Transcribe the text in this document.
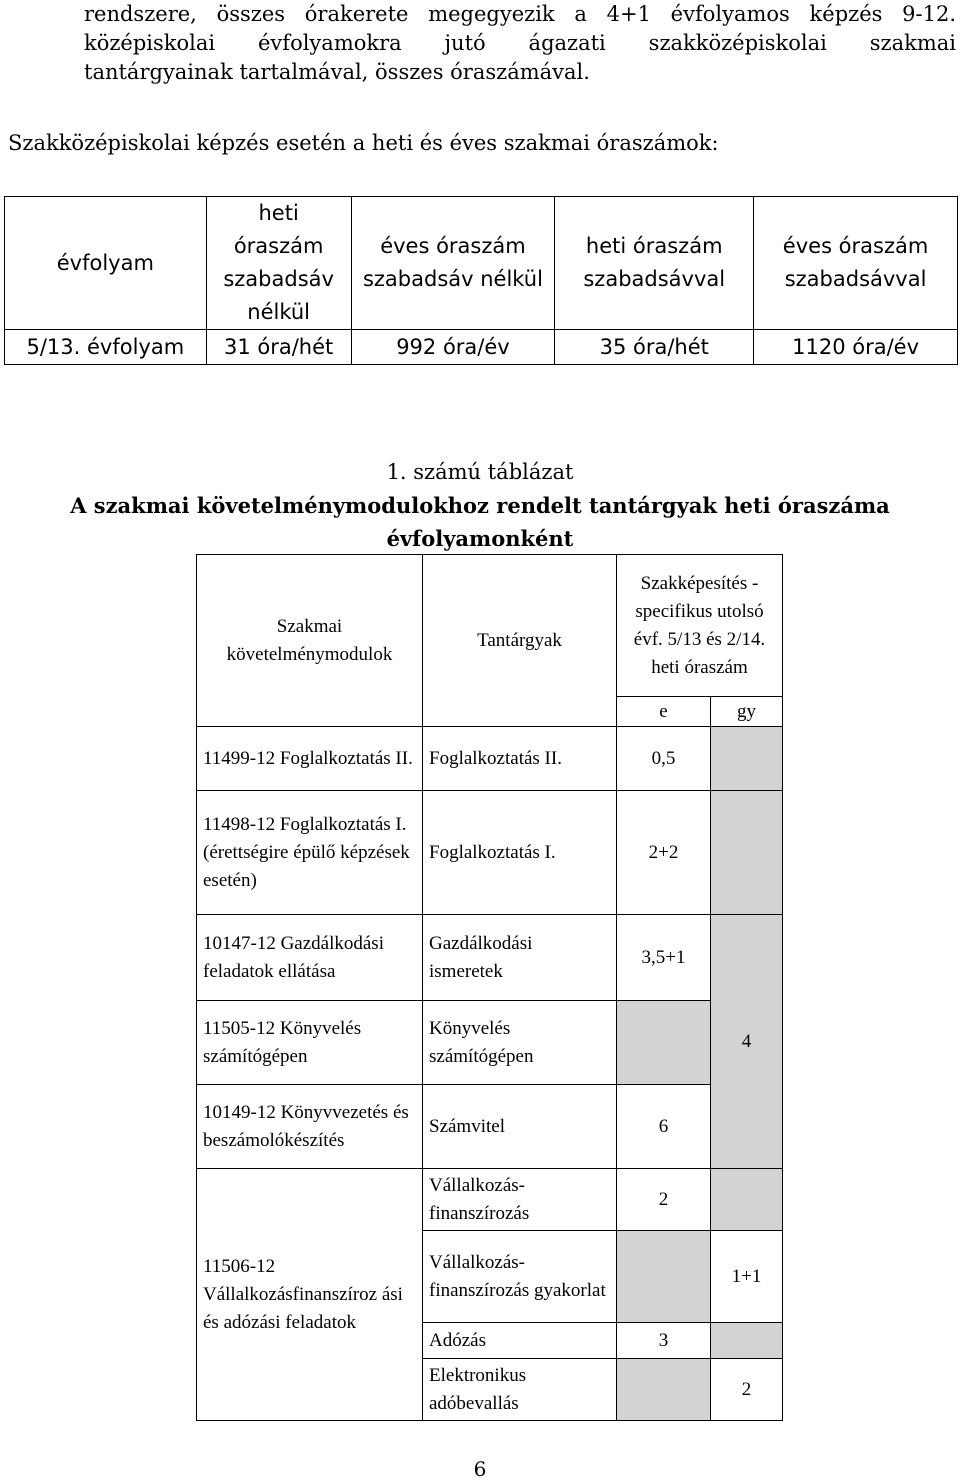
rendszere, összes órakerete megegyezik a 4+1 évfolyamos képzés 9-12.
középiskolai évfolyamokra jutó ágazati szakközépiskolai szakmai
tantárgyainak tartalmával, összes óraszámával.
Szakközépiskolai képzés esetén a heti és éves szakmai óraszámok:
évfolyam	heti óraszám szabadsáv nélkül	éves óraszám szabadsáv nélkül	heti óraszám szabadsávval	éves óraszám szabadsávval
5/13. évfolyam	31 óra/hét	992 óra/év	35 óra/hét	1120 óra/év
1. számú táblázat
A szakmai követelménymodulokhoz rendelt tantárgyak heti óraszáma
évfolyamonként
Szakmai követelménymodulok	Tantárgyak	Szakképesítés -specifikus utolsó évf. 5/13 és 2/14. heti óraszám	
		e	gy
11499-12 Foglalkoztatás II.	Foglalkoztatás II.	0,5	
11498-12 Foglalkoztatás I. (érettségire épülő képzések esetén)	Foglalkoztatás I.	2+2	
10147-12 Gazdálkodási feladatok ellátása	Gazdálkodási ismeretek	3,5+1	4
11505-12 Könyvelés számítógépen	Könyvelés számítógépen		
10149-12 Könyvvezetés és beszámolókészítés	Számvitel	6	
11506-12 Vállalkozásfinanszíroz ási és adózási feladatok	Vállalkozás-finanszírozás	2	
	Vállalkozás-finanszírozás gyakorlat		1+1
	Adózás	3	
	Elektronikus adóbevallás		2
6
